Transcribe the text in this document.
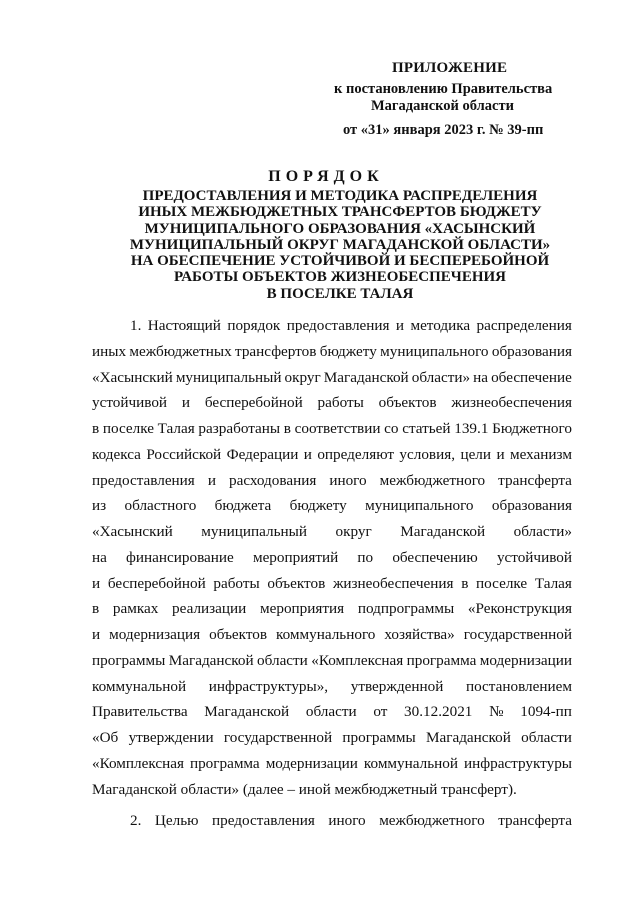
ПРИЛОЖЕНИЕ
к постановлению Правительства
Магаданской области
от «31» января 2023 г. № 39-пп
ПОРЯДОК
ПРЕДОСТАВЛЕНИЯ И МЕТОДИКА РАСПРЕДЕЛЕНИЯ
ИНЫХ МЕЖБЮДЖЕТНЫХ ТРАНСФЕРТОВ БЮДЖЕТУ
МУНИЦИПАЛЬНОГО ОБРАЗОВАНИЯ «ХАСЫНСКИЙ
МУНИЦИПАЛЬНЫЙ ОКРУГ МАГАДАНСКОЙ ОБЛАСТИ»
НА ОБЕСПЕЧЕНИЕ УСТОЙЧИВОЙ И БЕСПЕРЕБОЙНОЙ
РАБОТЫ ОБЪЕКТОВ ЖИЗНЕОБЕСПЕЧЕНИЯ
В ПОСЕЛКЕ ТАЛАЯ
1. Настоящий порядок предоставления и методика распределения
иных межбюджетных трансфертов бюджету муниципального образования
«Хасынский муниципальный округ Магаданской области» на обеспечение
устойчивой и бесперебойной работы объектов жизнеобеспечения
в поселке Талая разработаны в соответствии со статьей 139.1 Бюджетного
кодекса Российской Федерации и определяют условия, цели и механизм
предоставления и расходования иного межбюджетного трансферта
из областного бюджета бюджету муниципального образования
«Хасынский муниципальный округ Магаданской области»
на финансирование мероприятий по обеспечению устойчивой
и бесперебойной работы объектов жизнеобеспечения в поселке Талая
в рамках реализации мероприятия подпрограммы «Реконструкция
и модернизация объектов коммунального хозяйства» государственной
программы Магаданской области «Комплексная программа модернизации
коммунальной инфраструктуры», утвержденной постановлением
Правительства Магаданской области от 30.12.2021 № 1094-пп
«Об утверждении государственной программы Магаданской области
«Комплексная программа модернизации коммунальной инфраструктуры
Магаданской области» (далее – иной межбюджетный трансферт).
2. Целью предоставления иного межбюджетного трансферта
